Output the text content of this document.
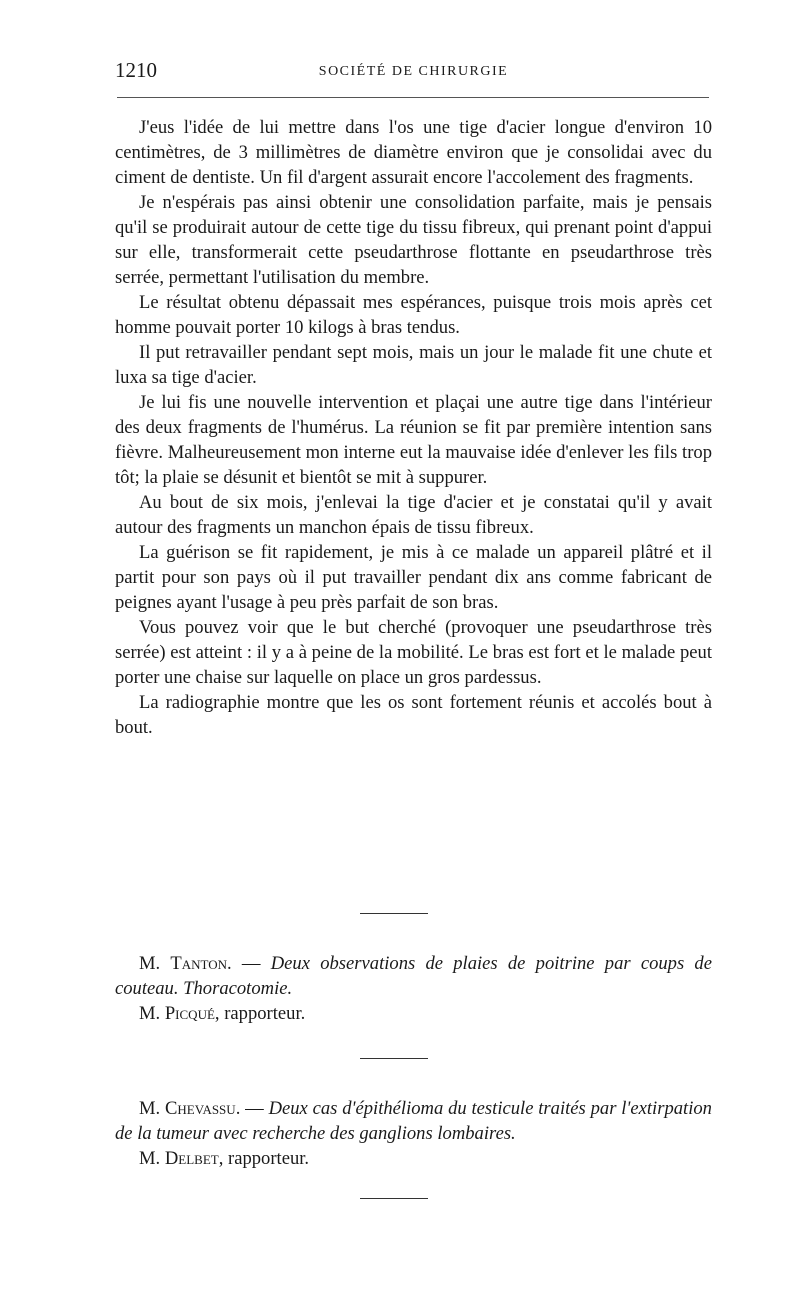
1210	SOCIÉTÉ DE CHIRURGIE

J'eus l'idée de lui mettre dans l'os une tige d'acier longue d'environ 10 centimètres, de 3 millimètres de diamètre environ que je consolidai avec du ciment de dentiste. Un fil d'argent assurait encore l'accolement des fragments.

Je n'espérais pas ainsi obtenir une consolidation parfaite, mais je pensais qu'il se produirait autour de cette tige du tissu fibreux, qui prenant point d'appui sur elle, transformerait cette pseudarthrose flottante en pseudarthrose très serrée, permettant l'utilisation du membre.

Le résultat obtenu dépassait mes espérances, puisque trois mois après cet homme pouvait porter 10 kilogs à bras tendus.

Il put retravailler pendant sept mois, mais un jour le malade fit une chute et luxa sa tige d'acier.

Je lui fis une nouvelle intervention et plaçai une autre tige dans l'intérieur des deux fragments de l'humérus. La réunion se fit par première intention sans fièvre. Malheureusement mon interne eut la mauvaise idée d'enlever les fils trop tôt; la plaie se désunit et bientôt se mit à suppurer.

Au bout de six mois, j'enlevai la tige d'acier et je constatai qu'il y avait autour des fragments un manchon épais de tissu fibreux.

La guérison se fit rapidement, je mis à ce malade un appareil plâtré et il partit pour son pays où il put travailler pendant dix ans comme fabricant de peignes ayant l'usage à peu près parfait de son bras.

Vous pouvez voir que le but cherché (provoquer une pseudarthrose très serrée) est atteint : il y a à peine de la mobilité. Le bras est fort et le malade peut porter une chaise sur laquelle on place un gros pardessus.

La radiographie montre que les os sont fortement réunis et accolés bout à bout.

M. Tanton. — Deux observations de plaies de poitrine par coups de couteau. Thoracotomie.

M. Picqué, rapporteur.

M. Chevassu. — Deux cas d'épithélioma du testicule traités par l'extirpation de la tumeur avec recherche des ganglions lombaires.

M. Delbet, rapporteur.
